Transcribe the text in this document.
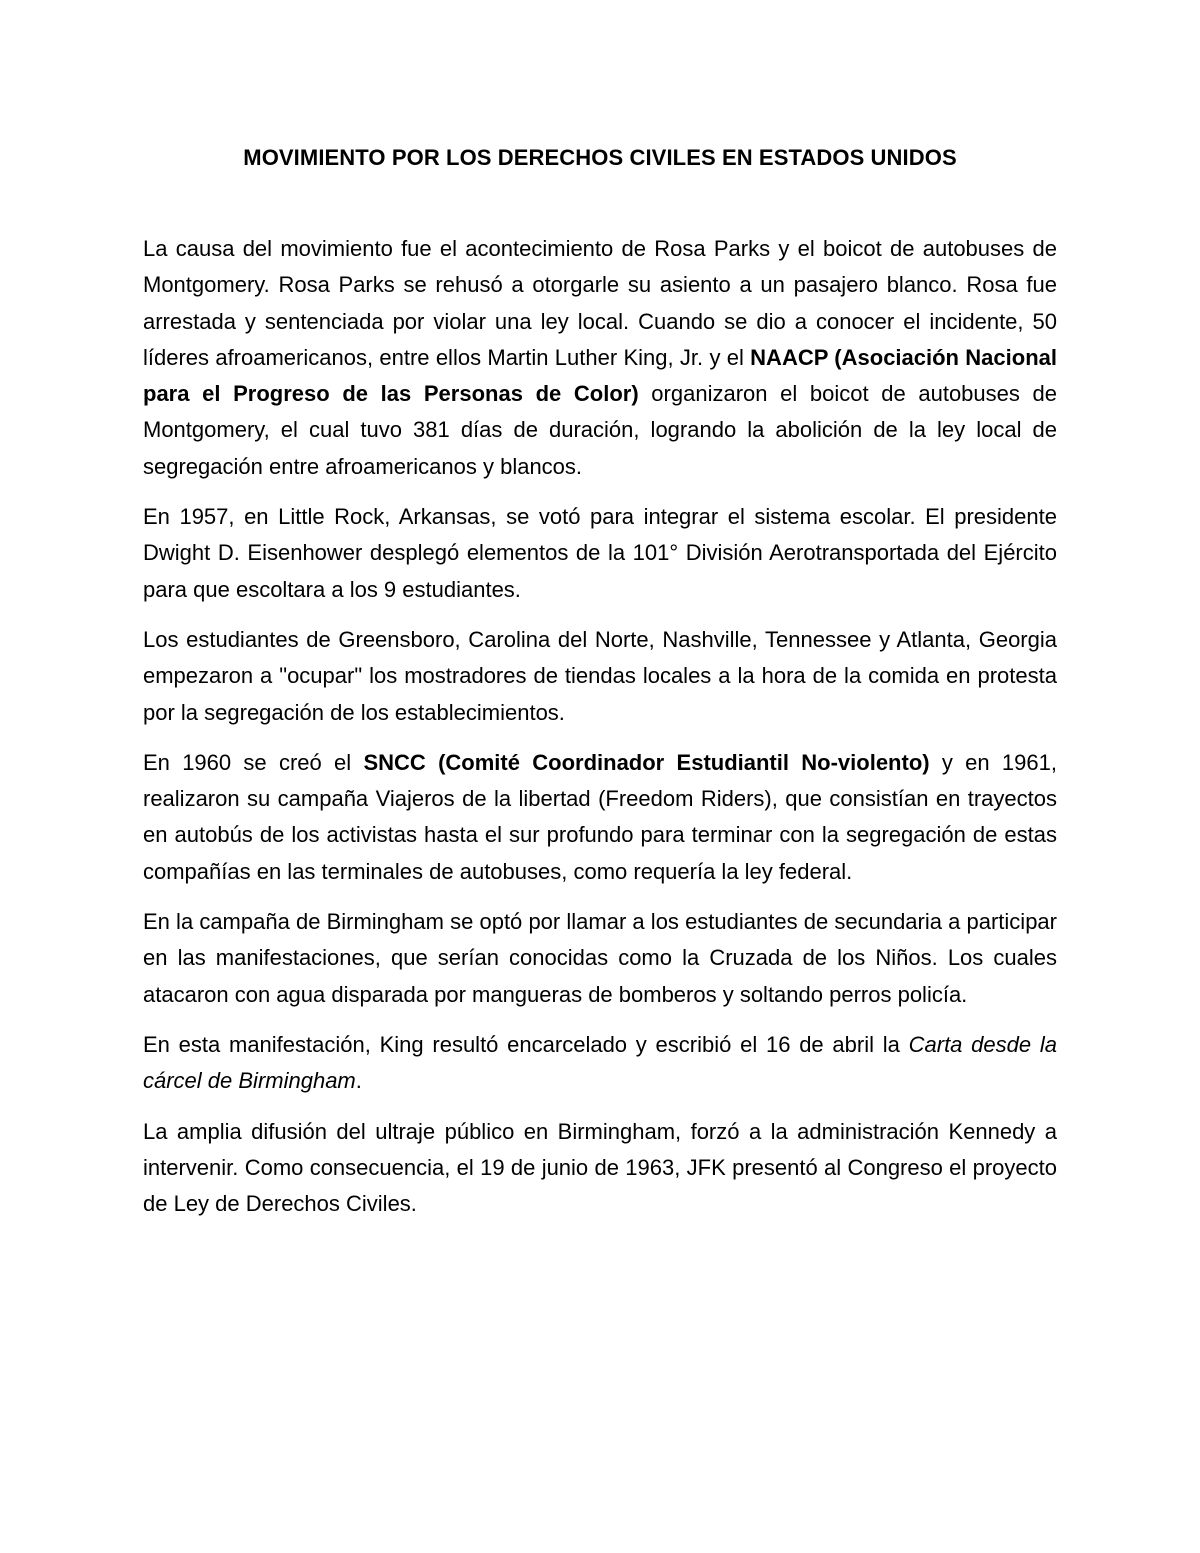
MOVIMIENTO POR LOS DERECHOS CIVILES EN ESTADOS UNIDOS

La causa del movimiento fue el acontecimiento de Rosa Parks y el boicot de autobuses de Montgomery. Rosa Parks se rehusó a otorgarle su asiento a un pasajero blanco. Rosa fue arrestada y sentenciada por violar una ley local. Cuando se dio a conocer el incidente, 50 líderes afroamericanos, entre ellos Martin Luther King, Jr. y el NAACP (Asociación Nacional para el Progreso de las Personas de Color) organizaron el boicot de autobuses de Montgomery, el cual tuvo 381 días de duración, logrando la abolición de la ley local de segregación entre afroamericanos y blancos.

En 1957, en Little Rock, Arkansas, se votó para integrar el sistema escolar. El presidente Dwight D. Eisenhower desplegó elementos de la 101° División Aerotransportada del Ejército para que escoltara a los 9 estudiantes.

Los estudiantes de Greensboro, Carolina del Norte, Nashville, Tennessee y Atlanta, Georgia empezaron a "ocupar" los mostradores de tiendas locales a la hora de la comida en protesta por la segregación de los establecimientos.

En 1960 se creó el SNCC (Comité Coordinador Estudiantil No-violento) y en 1961, realizaron su campaña Viajeros de la libertad (Freedom Riders), que consistían en trayectos en autobús de los activistas hasta el sur profundo para terminar con la segregación de estas compañías en las terminales de autobuses, como requería la ley federal.

En la campaña de Birmingham se optó por llamar a los estudiantes de secundaria a participar en las manifestaciones, que serían conocidas como la Cruzada de los Niños. Los cuales atacaron con agua disparada por mangueras de bomberos y soltando perros policía.

En esta manifestación, King resultó encarcelado y escribió el 16 de abril la Carta desde la cárcel de Birmingham.

La amplia difusión del ultraje público en Birmingham, forzó a la administración Kennedy a intervenir. Como consecuencia, el 19 de junio de 1963, JFK presentó al Congreso el proyecto de Ley de Derechos Civiles.
